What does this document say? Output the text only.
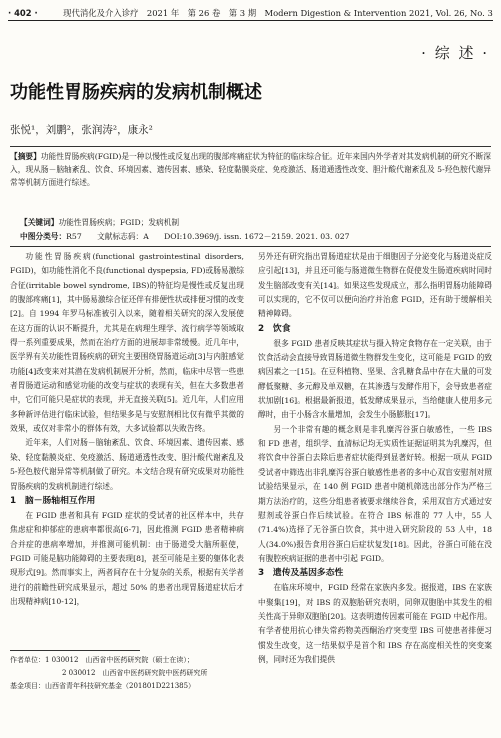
· 402 ·	现代消化及介入诊疗　2021 年　第 26 卷　第 3 期　Modern Digestion & Intervention 2021, Vol. 26, No. 3
· 综 述 ·
功能性胃肠疾病的发病机制概述
张悦¹，刘鹏²，张润涛²，康永²

【摘要】功能性胃肠疾病(FGID)是一种以慢性或反复出现的腹部疼痛症状为特征的临床综合征。近年来国内外学者对其发病机制的研究不断深入，现从肠－脑轴紊乱、饮食、环境因素、遗传因素、感染、轻度黏膜炎症、免疫激活、肠道通透性改变、胆汁酸代谢紊乱及 5-羟色胺代谢异常等机制方面进行综述。

【关键词】功能性胃肠疾病；FGID；发病机制
中图分类号：R57　　文献标志码：A　　DOI:10.3969/j. issn. 1672－2159. 2021. 03. 027

功能性胃肠疾病(functional gastrointestinal disorders, FGID)，如功能性消化不良(functional dyspepsia, FD)或肠易激综合征(irritable bowel syndrome, IBS)的特征均是慢性或反复出现的腹部疼痛[1]，其中肠易激综合征还伴有排便性状或排便习惯的改变[2]。自 1994 年罗马标准被引入以来，随着相关研究的深入发展使在这方面的认识不断提升，尤其是在病理生理学、流行病学等领域取得一系列重要成果，然而在治疗方面的进展却非常缓慢。近几年中，医学界有关功能性胃肠疾病的研究主要围绕胃肠道运动[3]与内脏感觉功能[4]改变来对其潜在发病机制展开分析，然而，临床中尽管一些患者胃肠道运动和感觉功能的改变与症状的表现有关，但在大多数患者中，它们可能只是症状的表现，并无直接关联[5]。近几年，人们应用多种新评估进行临床试验，但结果多是与安慰剂相比仅有微乎其微的效果，或仅对非常小的群体有效，大多试验都以失败告终。

近年来，人们对肠－脑轴紊乱、饮食、环境因素、遗传因素、感染、轻度黏膜炎症、免疫激活、肠道通透性改变、胆汁酸代谢紊乱及 5-羟色胺代谢异常等机制做了研究。本文结合现有研究成果对功能性胃肠疾病的发病机制进行综述。

1　脑－肠轴相互作用

在 FGID 患者和具有 FGID 症状的受试者的社区样本中，共存焦虑症和抑郁症的患病率都很高[6-7]，因此推测 FGID 患者精神病合并症的患病率增加，并推测可能机制：由于肠道受大脑所驱使，FGID 可能是脑功能障碍的主要表现[8]，甚至可能是主要的躯体化表现形式[9]。然而事实上，两者间存在十分复杂的关系，根据有关学者进行的前瞻性研究成果显示，超过 50% 的患者出现胃肠道症状后才出现精神病[10-12]，

另外还有研究指出胃肠道症状是由于细胞因子分泌变化与肠道炎症反应引起[13]，并且还可能与肠道微生物群在促使发生肠道疾病时同时发生脑部改变有关[14]。如果这些发现成立，那么指明胃肠功能障碍可以实现的，它不仅可以便向治疗并治愈 FGID，还有助于缓解相关精神障碍。

2　饮食

很多 FGID 患者反映其症状与摄入特定食物存在一定关联，由于饮食活动会直接导致胃肠道微生物群发生变化，这可能是 FGID 的致病因素之一[15]。在豆科植物、坚果、含乳糖食品中存在大量的可发酵低聚糖、多元醇及单双糖，在其渗透与发酵作用下，会导致患者症状加剧[16]。根据最新报道，低发酵成果显示，当给健康人使用多元醇时，由于小肠含水量增加，会发生小肠膨胀[17]。

另一个非常有趣的概念则是非乳糜泻谷蛋白敏感性，一些 IBS 和 FD 患者，组织学、血清标记均无实质性证据证明其为乳糜泻，但将饮食中谷蛋白去除后患者症状能得到显著好转。根据一项从 FGID 受试者中筛选出非乳糜泻谷蛋白敏感性患者的多中心双盲安慰剂对照试验结果显示，在 140 例 FGID 患者中随机筛选出部分作为严格三期方法治疗的，这些分组患者被要求继续谷食，采用双盲方式通过安慰剂或谷蛋白作后续试验。在符合 IBS 标准的 77 人中，55 人(71.4%)选择了无谷蛋白饮食，其中进入研究阶段的 53 人中，18 人(34.0%)报告食用谷蛋白后症状复发[18]。因此，谷蛋白可能在没有腹腔疾病证据的患者中引起 FGID。

3　遗传及基因多态性

在临床环境中，FGID 经常在家族内多发。据报道，IBS 在家族中聚集[19]，对 IBS 的双胞胎研究表明，同卵双胞胎中其发生的相关性高于异卵双胞胎[20]。这表明遗传因素可能在 FGID 中起作用。有学者使用抗心律失常药物美西酮治疗突变型 IBS 可使患者排便习惯发生改变，这一结果似乎是首个和 IBS 存在高度相关性的突变案例，同时还为我们提供

作者单位：1 030012　山西省中医药研究院（硕士在读）；
2 030012　山西省中医药研究院中医药研究所
基金项目：山西省青年科技研究基金（201801D221385）
